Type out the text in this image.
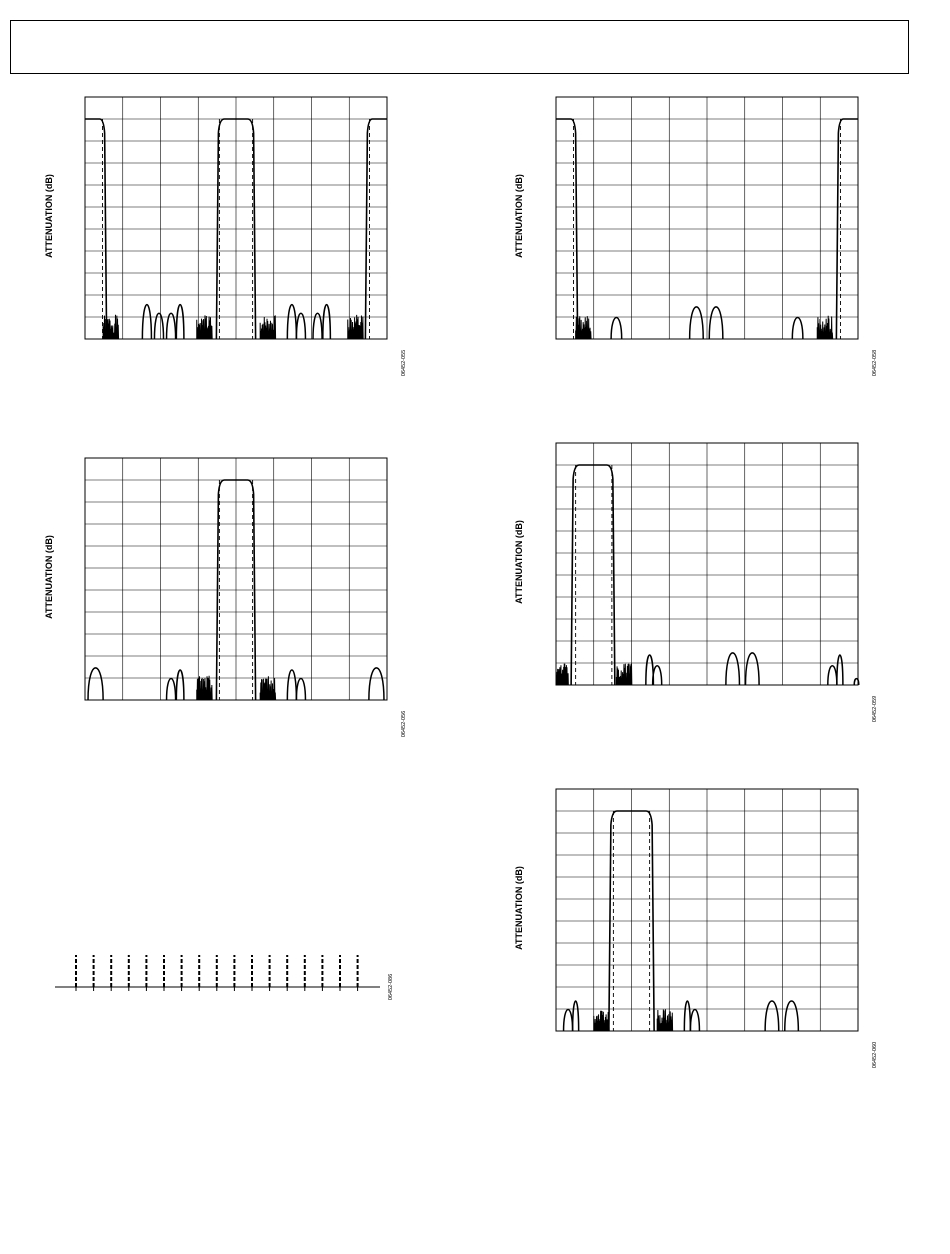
ATTENUATION (dB)
06452-055
ATTENUATION (dB)
06452-058
ATTENUATION (dB)
06452-056
ATTENUATION (dB)
06452-059
ATTENUATION (dB)
06452-060
06452-086
